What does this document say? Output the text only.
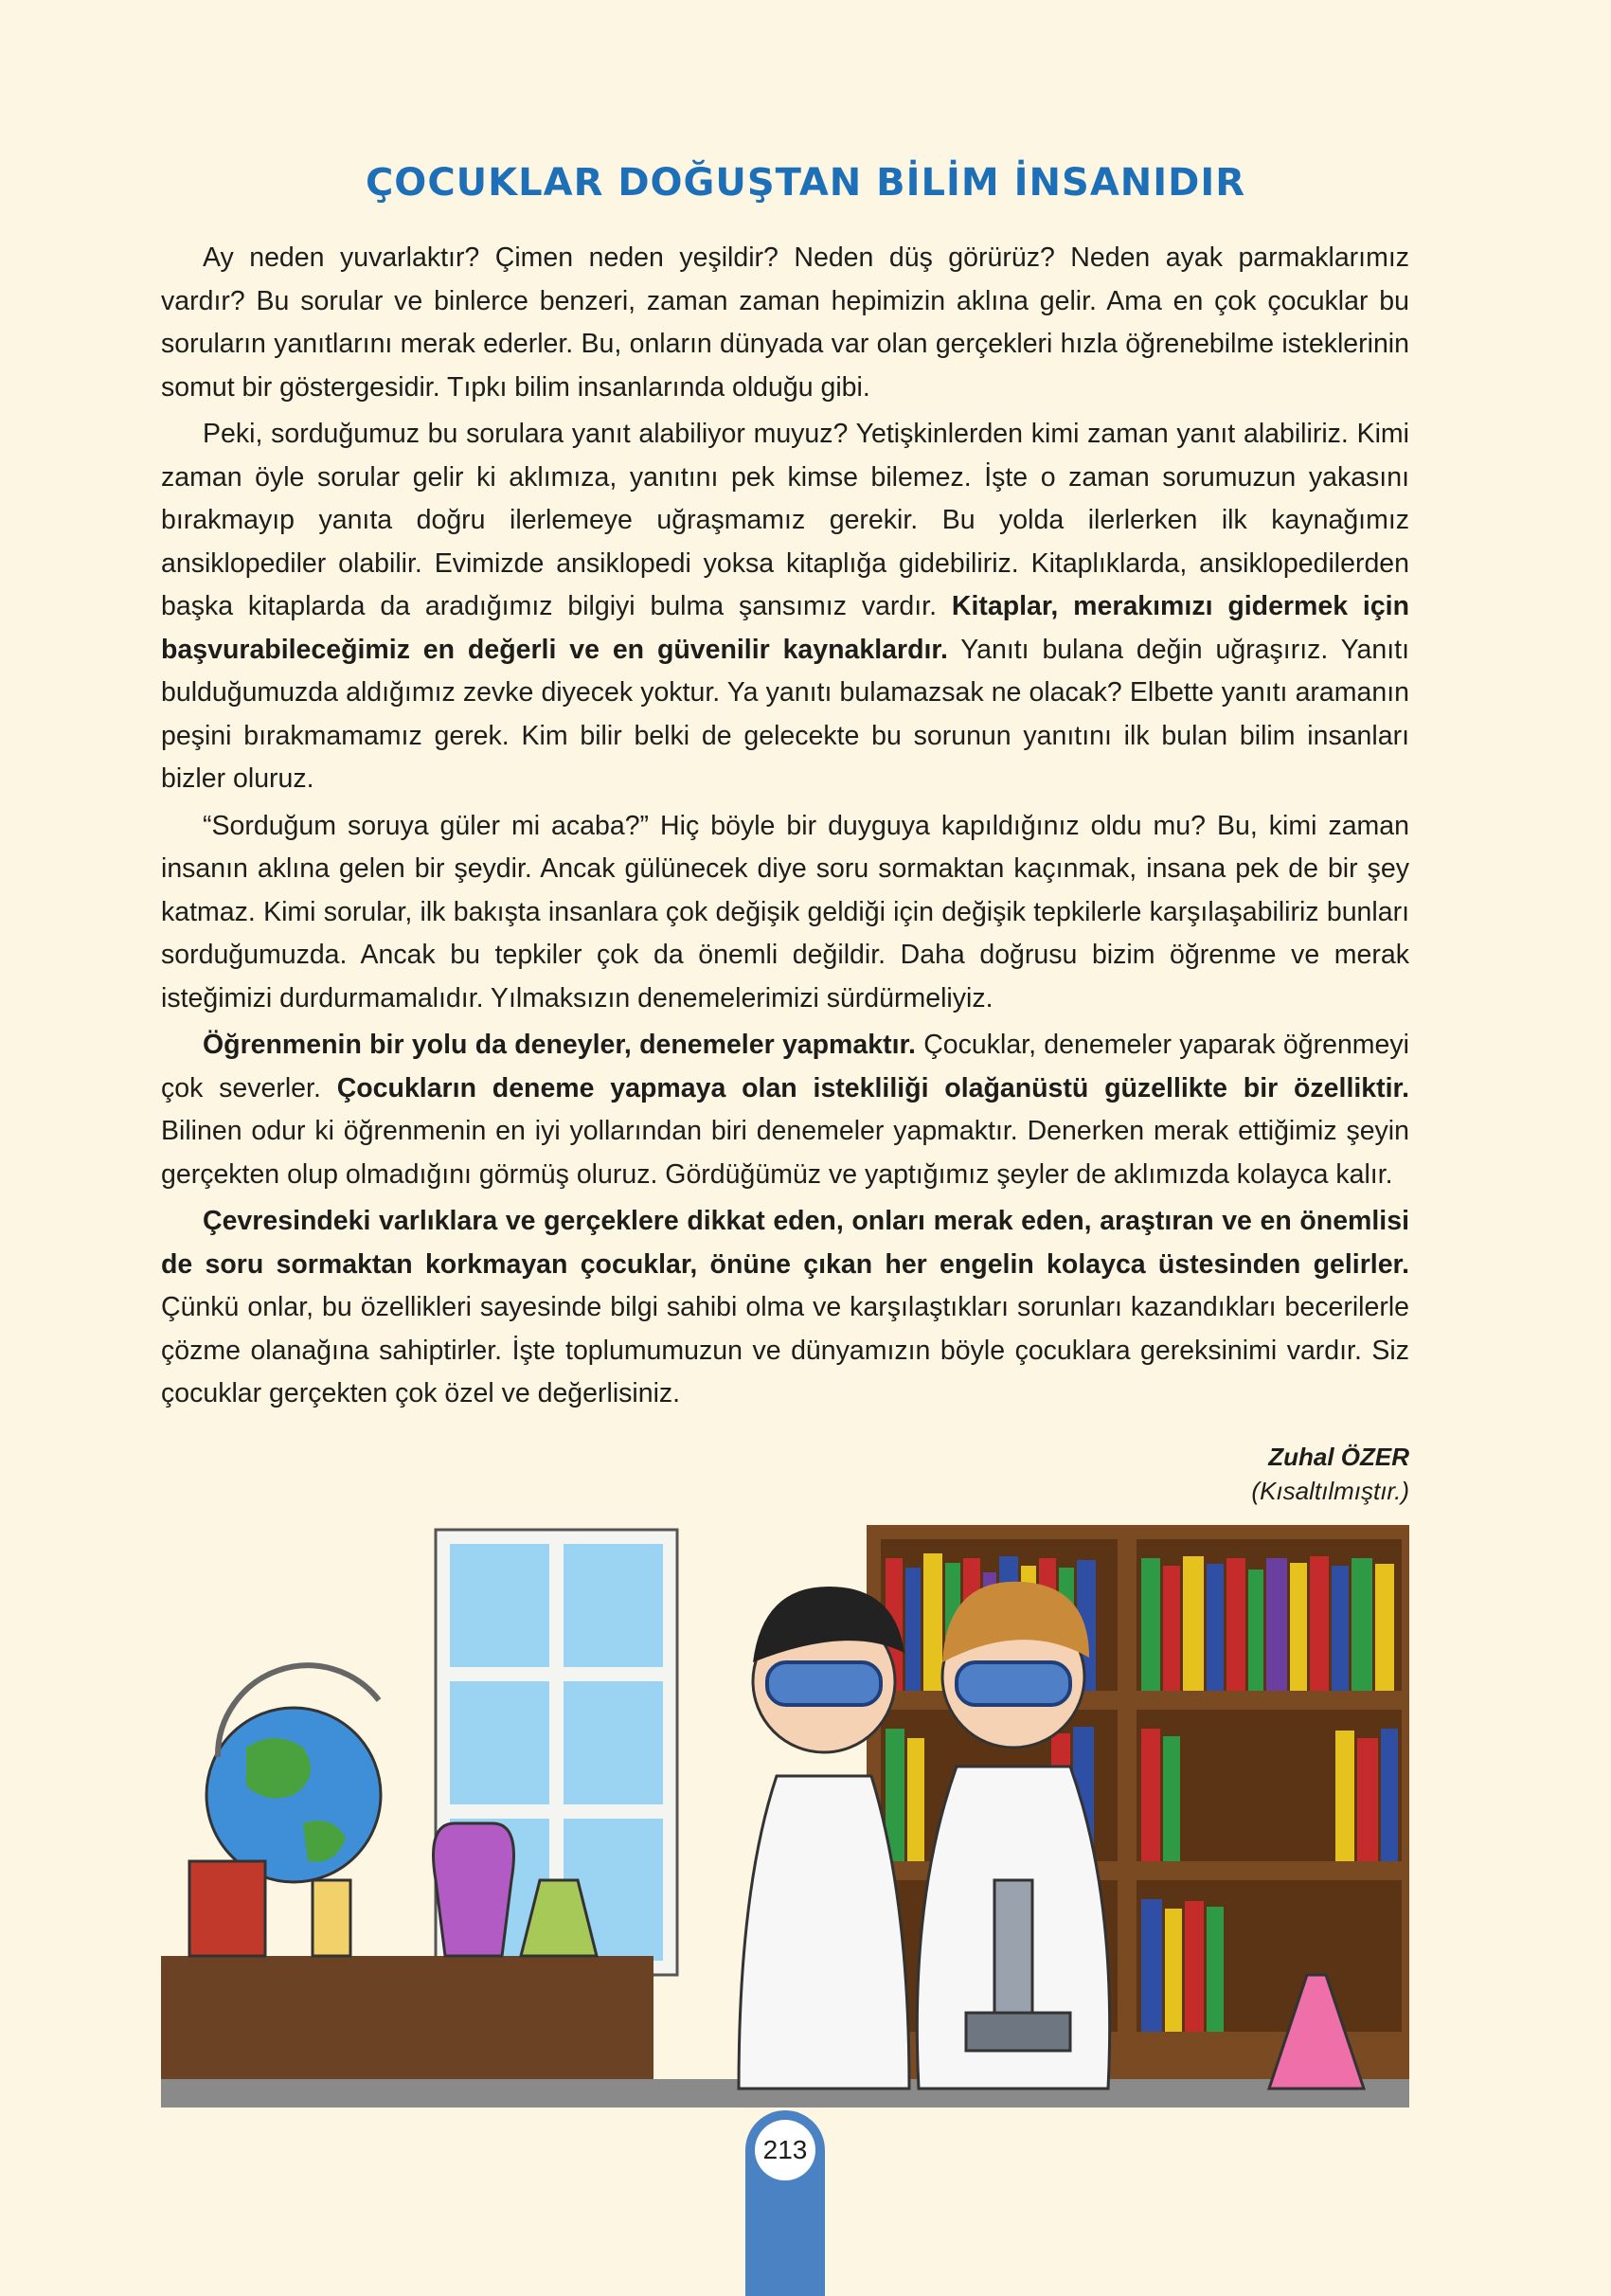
ÇOCUKLAR DOĞUŞTAN BİLİM İNSANIDIR

Ay neden yuvarlaktır? Çimen neden yeşildir? Neden düş görürüz? Neden ayak parmaklarımız vardır? Bu sorular ve binlerce benzeri, zaman zaman hepimizin aklına gelir. Ama en çok çocuklar bu soruların yanıtlarını merak ederler. Bu, onların dünyada var olan gerçekleri hızla öğrenebilme isteklerinin somut bir göstergesidir. Tıpkı bilim insanlarında olduğu gibi.

Peki, sorduğumuz bu sorulara yanıt alabiliyor muyuz? Yetişkinlerden kimi zaman yanıt alabiliriz. Kimi zaman öyle sorular gelir ki aklımıza, yanıtını pek kimse bilemez. İşte o zaman sorumuzun yakasını bırakmayıp yanıta doğru ilerlemeye uğraşmamız gerekir. Bu yolda ilerlerken ilk kaynağımız ansiklopediler olabilir. Evimizde ansiklopedi yoksa kitaplığa gidebiliriz. Kitaplıklarda, ansiklopedilerden başka kitaplarda da aradığımız bilgiyi bulma şansımız vardır. Kitaplar, merakımızı gidermek için başvurabileceğimiz en değerli ve en güvenilir kaynaklardır. Yanıtı bulana değin uğraşırız. Yanıtı bulduğumuzda aldığımız zevke diyecek yoktur. Ya yanıtı bulamazsak ne olacak? Elbette yanıtı aramanın peşini bırakmamamız gerek. Kim bilir belki de gelecekte bu sorunun yanıtını ilk bulan bilim insanları bizler oluruz.

“Sorduğum soruya güler mi acaba?” Hiç böyle bir duyguya kapıldığınız oldu mu? Bu, kimi zaman insanın aklına gelen bir şeydir. Ancak gülünecek diye soru sormaktan kaçınmak, insana pek de bir şey katmaz. Kimi sorular, ilk bakışta insanlara çok değişik geldiği için değişik tepkilerle karşılaşabiliriz bunları sorduğumuzda. Ancak bu tepkiler çok da önemli değildir. Daha doğrusu bizim öğrenme ve merak isteğimizi durdurmamalıdır. Yılmaksızın denemelerimizi sürdürmeliyiz.

Öğrenmenin bir yolu da deneyler, denemeler yapmaktır. Çocuklar, denemeler yaparak öğrenmeyi çok severler. Çocukların deneme yapmaya olan istekliliği olağanüstü güzellikte bir özelliktir. Bilinen odur ki öğrenmenin en iyi yollarından biri denemeler yapmaktır. Denerken merak ettiğimiz şeyin gerçekten olup olmadığını görmüş oluruz. Gördüğümüz ve yaptığımız şeyler de aklımızda kolayca kalır.

Çevresindeki varlıklara ve gerçeklere dikkat eden, onları merak eden, araştıran ve en önemlisi de soru sormaktan korkmayan çocuklar, önüne çıkan her engelin kolayca üstesinden gelirler. Çünkü onlar, bu özellikleri sayesinde bilgi sahibi olma ve karşılaştıkları sorunları kazandıkları becerilerle çözme olanağına sahiptirler. İşte toplumumuzun ve dünyamızın böyle çocuklara gereksinimi vardır. Siz çocuklar gerçekten çok özel ve değerlisiniz.

Zuhal ÖZER
(Kısaltılmıştır.)
213
